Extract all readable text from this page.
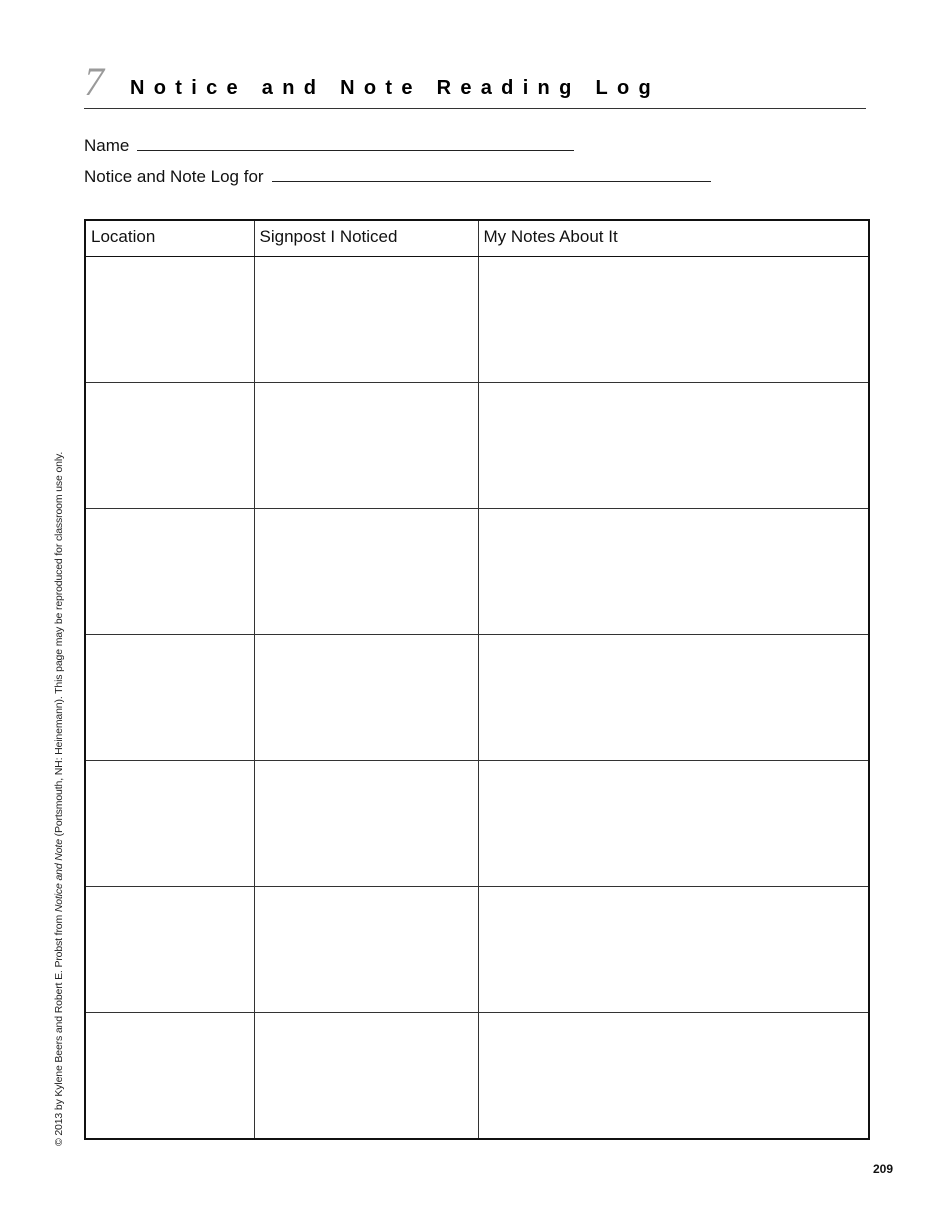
7 Notice and Note Reading Log
Name
Notice and Note Log for
Location	Signpost I Noticed	My Notes About It

© 2013 by Kylene Beers and Robert E. Probst from Notice and Note (Portsmouth, NH: Heinemann). This page may be reproduced for classroom use only.
209
